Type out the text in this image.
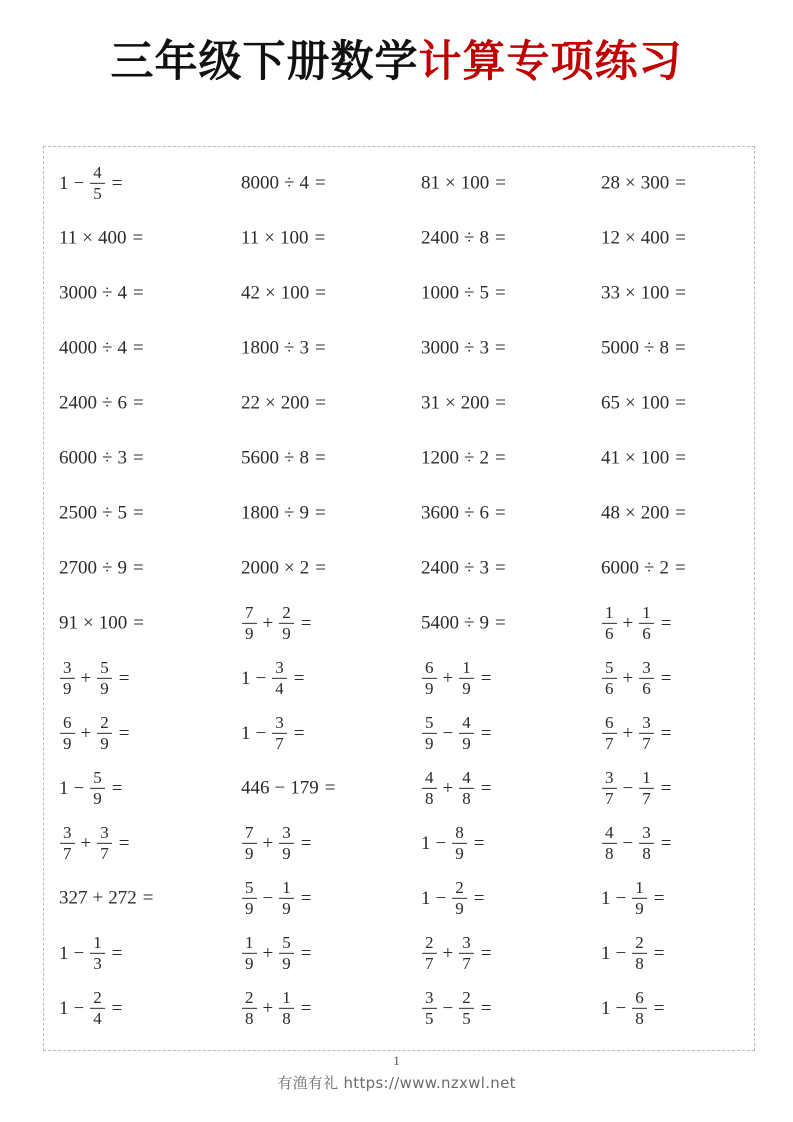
三年级下册数学计算专项练习
$1 - \frac{4}{5}$ =	8000 ÷ 4 =	81 × 100 =	28 × 300 =
11 × 400 =	11 × 100 =	2400 ÷ 8 =	12 × 400 =
3000 ÷ 4 =	42 × 100 =	1000 ÷ 5 =	33 × 100 =
4000 ÷ 4 =	1800 ÷ 3 =	3000 ÷ 3 =	5000 ÷ 8 =
2400 ÷ 6 =	22 × 200 =	31 × 200 =	65 × 100 =
6000 ÷ 3 =	5600 ÷ 8 =	1200 ÷ 2 =	41 × 100 =
2500 ÷ 5 =	1800 ÷ 9 =	3600 ÷ 6 =	48 × 200 =
2700 ÷ 9 =	2000 × 2 =	2400 ÷ 3 =	6000 ÷ 2 =
91 × 100 =	$\frac{7}{9} + \frac{2}{9}$ =	5400 ÷ 9 =	$\frac{1}{6} + \frac{1}{6}$ =
$\frac{3}{9} + \frac{5}{9}$ =	$1 - \frac{3}{4}$ =	$\frac{6}{9} + \frac{1}{9}$ =	$\frac{5}{6} + \frac{3}{6}$ =
$\frac{6}{9} + \frac{2}{9}$ =	$1 - \frac{3}{7}$ =	$\frac{5}{9} - \frac{4}{9}$ =	$\frac{6}{7} + \frac{3}{7}$ =
$1 - \frac{5}{9}$ =	446 − 179 =	$\frac{4}{8} + \frac{4}{8}$ =	$\frac{3}{7} - \frac{1}{7}$ =
$\frac{3}{7} + \frac{3}{7}$ =	$\frac{7}{9} + \frac{3}{9}$ =	$1 - \frac{8}{9}$ =	$\frac{4}{8} - \frac{3}{8}$ =
327 + 272 =	$\frac{5}{9} - \frac{1}{9}$ =	$1 - \frac{2}{9}$ =	$1 - \frac{1}{9}$ =
$1 - \frac{1}{3}$ =	$\frac{1}{9} + \frac{5}{9}$ =	$\frac{2}{7} + \frac{3}{7}$ =	$1 - \frac{2}{8}$ =
$1 - \frac{2}{4}$ =	$\frac{2}{8} + \frac{1}{8}$ =	$\frac{3}{5} - \frac{2}{5}$ =	$1 - \frac{6}{8}$ =
1
有渔有礼 https://www.nzxwl.net
